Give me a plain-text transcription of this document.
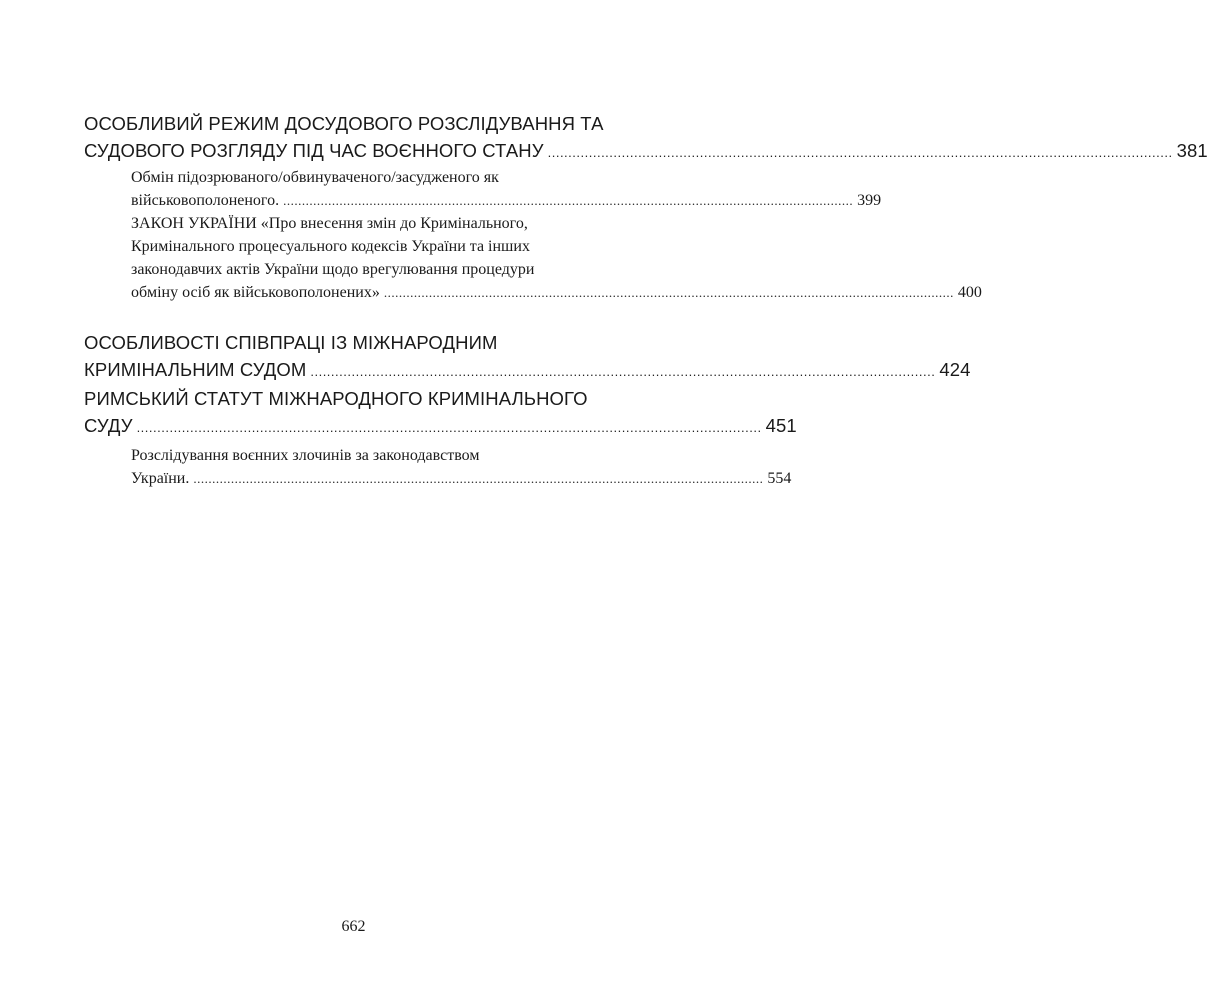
ОСОБЛИВИЙ РЕЖИМ ДОСУДОВОГО РОЗСЛІДУВАННЯ ТА
СУДОВОГО РОЗГЛЯДУ ПІД ЧАС ВОЄННОГО СТАНУ ........................................................................................................................................................ 381
Обмін підозрюваного/обвинуваченого/засудженого як
військовополоненого. ........................................................................................................................................................ 399
ЗАКОН УКРАЇНИ «Про внесення змін до Кримінального,
Кримінального процесуального кодексів України та інших
законодавчих актів України щодо врегулювання процедури
обміну осіб як військовополонених» ........................................................................................................................................................ 400
ОСОБЛИВОСТІ СПІВПРАЦІ ІЗ МІЖНАРОДНИМ
КРИМІНАЛЬНИМ СУДОМ ........................................................................................................................................................ 424
РИМСЬКИЙ СТАТУТ МІЖНАРОДНОГО КРИМІНАЛЬНОГО
СУДУ ........................................................................................................................................................ 451
Розслідування воєнних злочинів за законодавством
України. ........................................................................................................................................................ 554
662
